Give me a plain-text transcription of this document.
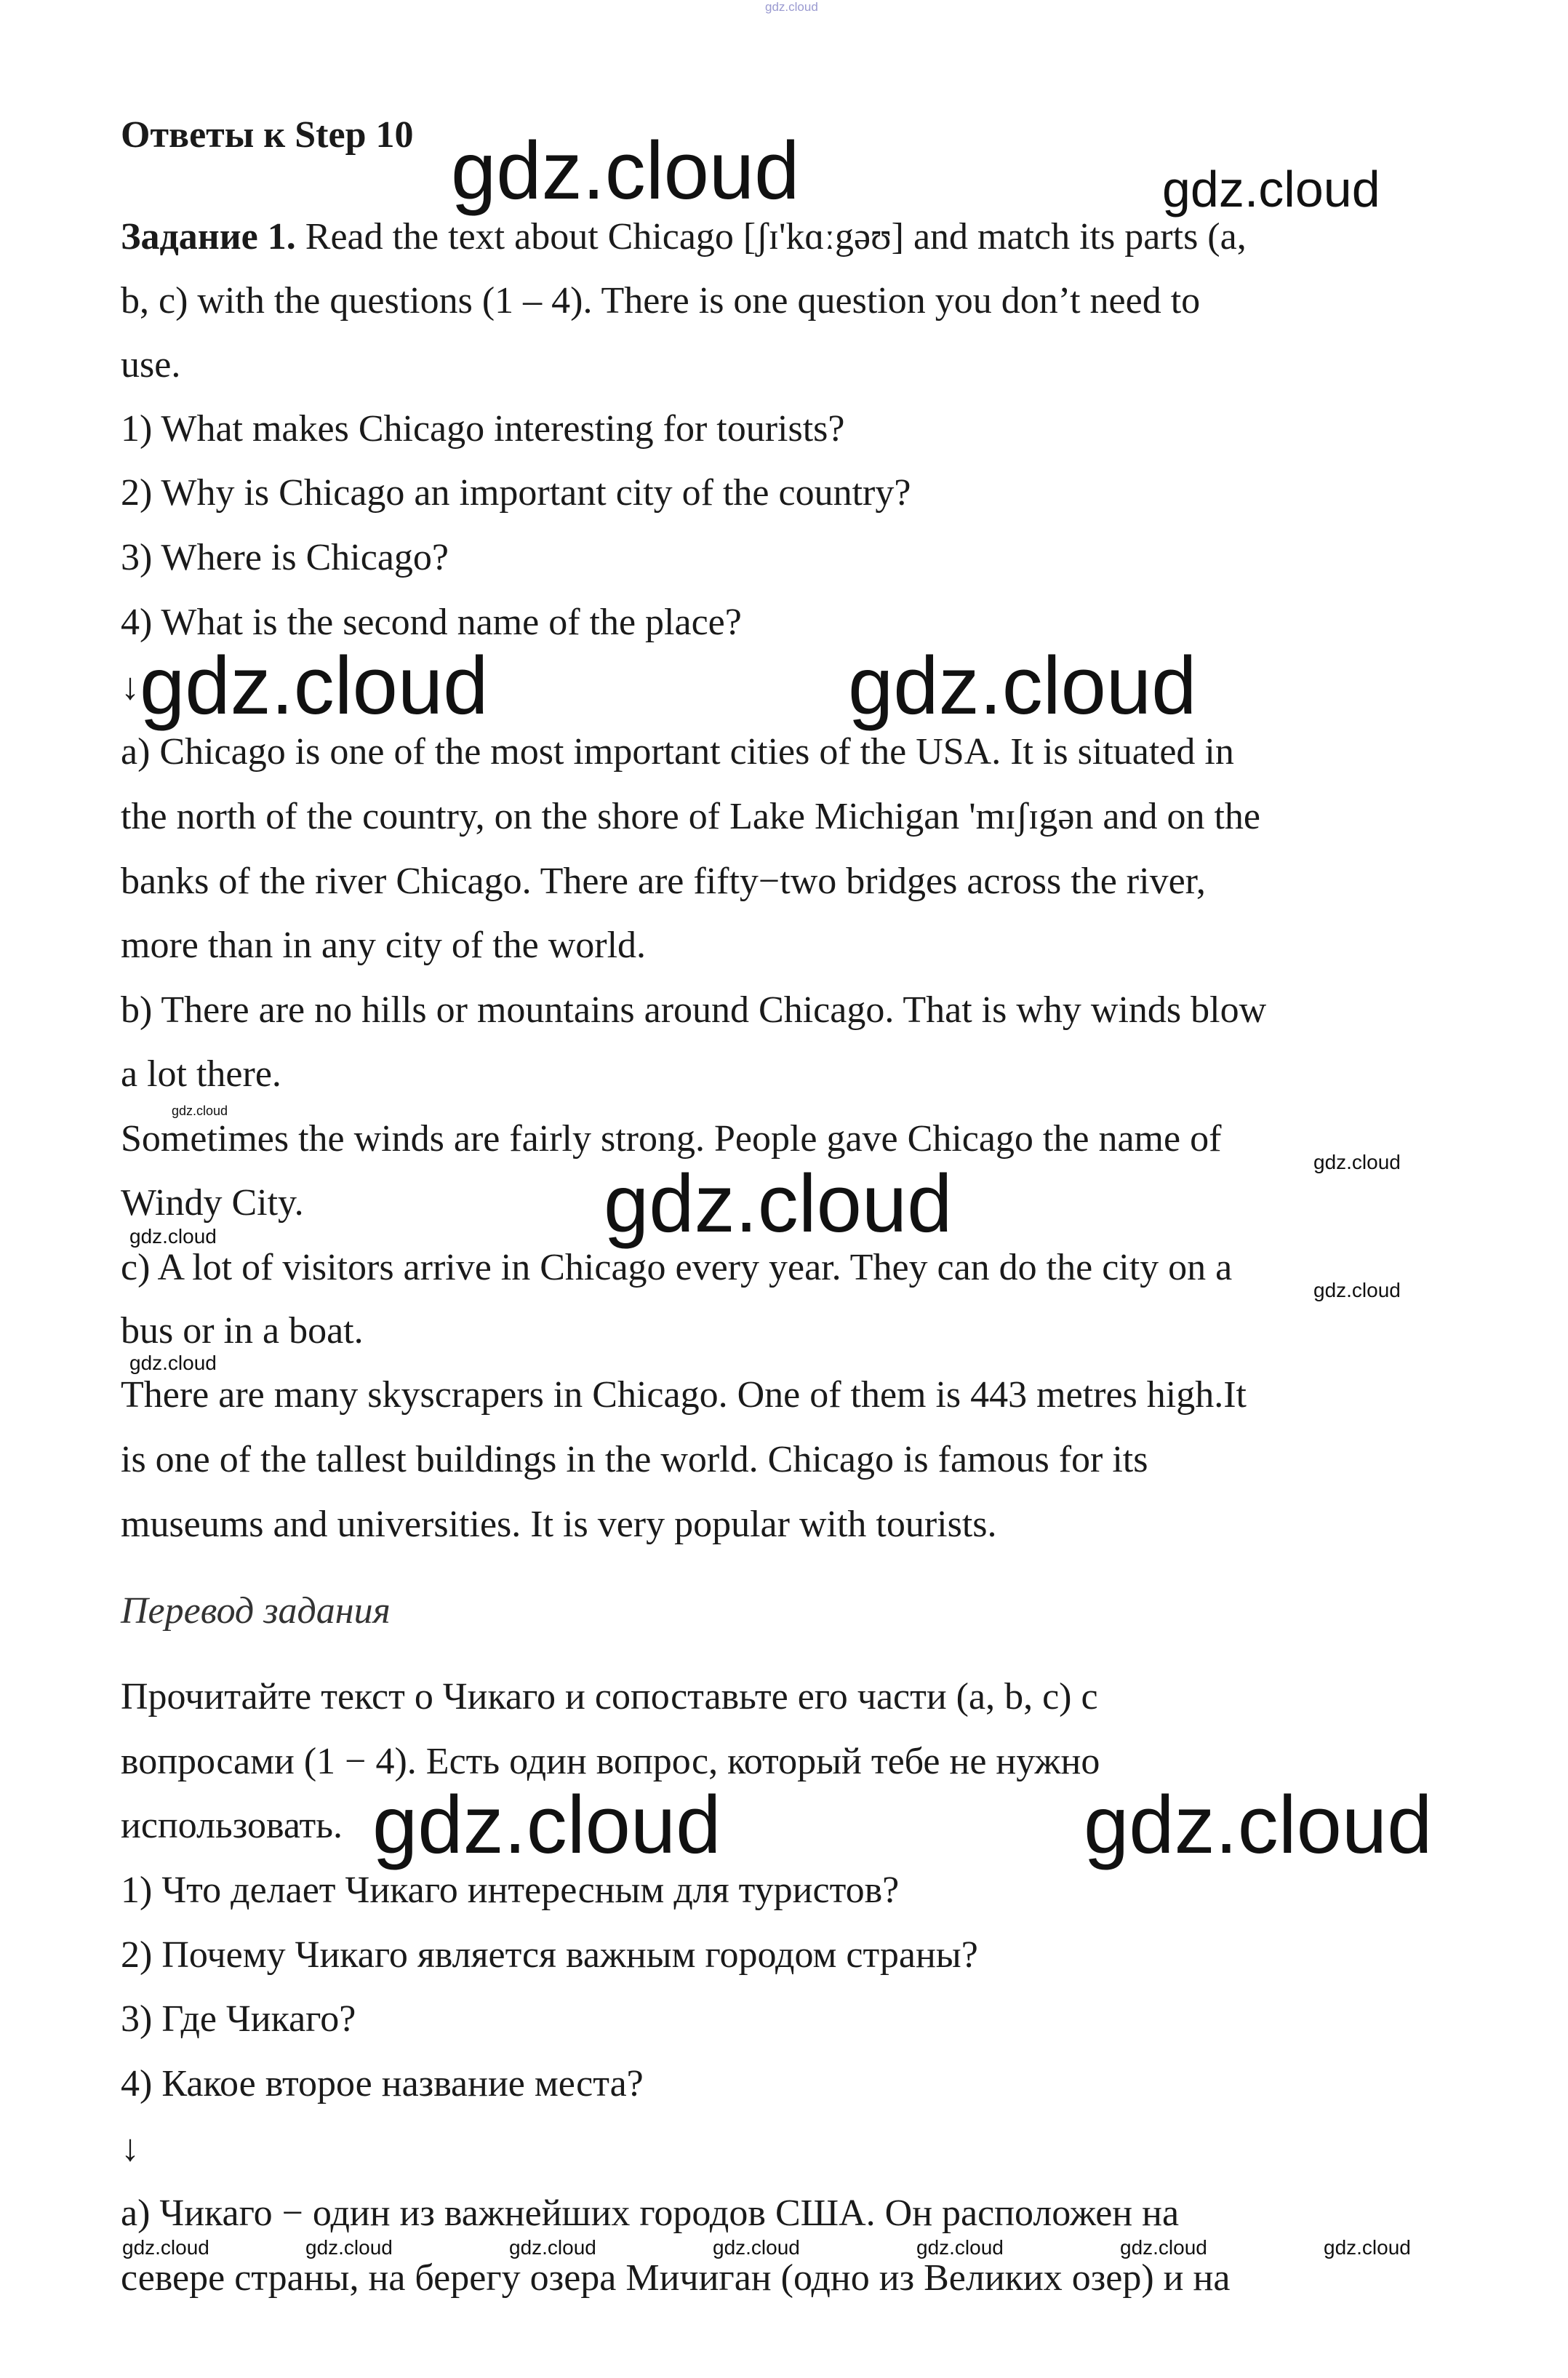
gdz.cloud
Ответы к Step 10 gdz.cloud	gdz.cloud
Задание 1. Read the text about Chicago [ʃɪ'kɑːgəʊ] and match its parts (a,
b, c) with the questions (1 – 4). There is one question you don’t need to
use.
1) What makes Chicago interesting for tourists?
2) Why is Chicago an important city of the country?
3) Where is Chicago?
4) What is the second name of the place?
↓ gdz.cloud	gdz.cloud
a) Chicago is one of the most important cities of the USA. It is situated in
the north of the country, on the shore of Lake Michigan 'mɪʃɪgən and on the
banks of the river Chicago. There are fifty−two bridges across the river,
more than in any city of the world.
b) There are no hills or mountains around Chicago. That is why winds blow
a lot there.
gdz.cloud
Sometimes the winds are fairly strong. People gave Chicago the name of
gdz.cloud
Windy City.	gdz.cloud
gdz.cloud
c) A lot of visitors arrive in Chicago every year. They can do the city on a
gdz.cloud
bus or in a boat.
gdz.cloud
There are many skyscrapers in Chicago. One of them is 443 metres high.It
is one of the tallest buildings in the world. Chicago is famous for its
museums and universities. It is very popular with tourists.
Перевод задания
Прочитайте текст о Чикаго и сопоставьте его части (a, b, c) с
вопросами (1 − 4). Есть один вопрос, который тебе не нужно
использовать. gdz.cloud	gdz.cloud
1) Что делает Чикаго интересным для туристов?
2) Почему Чикаго является важным городом страны?
3) Где Чикаго?
4) Какое второе название места?
↓
a) Чикаго − один из важнейших городов США. Он расположен на
gdz.cloud	gdz.cloud	gdz.cloud	gdz.cloud	gdz.cloud	gdz.cloud	gdz.cloud
севере страны, на берегу озера Мичиган (одно из Великих озер) и на
